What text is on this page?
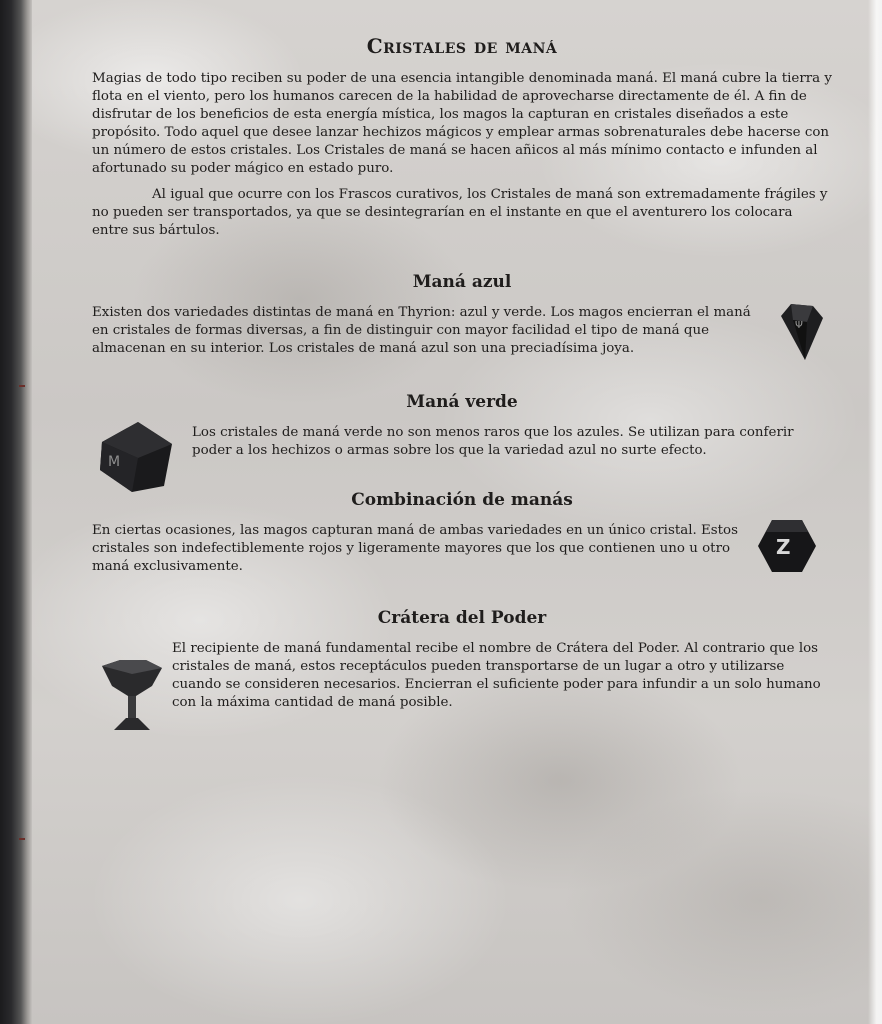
Cristales de maná

Magias de todo tipo reciben su poder de una esencia intangible denominada maná. El maná cubre la tierra y flota en el viento, pero los humanos carecen de la habilidad de aprovecharse directamente de él. A fin de disfrutar de los beneficios de esta energía mística, los magos la capturan en cristales diseñados a este propósito. Todo aquel que desee lanzar hechizos mágicos y emplear armas sobrenaturales debe hacerse con un número de estos cristales. Los Cristales de maná se hacen añicos al más mínimo contacto e infunden al afortunado su poder mágico en estado puro.

Al igual que ocurre con los Frascos curativos, los Cristales de maná son extremadamente frágiles y no pueden ser transportados, ya que se desintegrarían en el instante en que el aventurero los colocara entre sus bártulos.

Maná azul

Existen dos variedades distintas de maná en Thyrion: azul y verde. Los magos encierran el maná en cristales de formas diversas, a fin de distinguir con mayor facilidad el tipo de maná que almacenan en su interior. Los cristales de maná azul son una preciadísima joya.

Ψ
Maná verde

Los cristales de maná verde no son menos raros que los azules. Se utilizan para conferir poder a los hechizos o armas sobre los que la variedad azul no surte efecto.

M
Combinación de manás

En ciertas ocasiones, las magos capturan maná de ambas variedades en un único cristal. Estos cristales son indefectiblemente rojos y ligeramente mayores que los que contienen uno u otro maná exclusivamente.

Z
Crátera del Poder

El recipiente de maná fundamental recibe el nombre de Crátera del Poder. Al contrario que los cristales de maná, estos receptáculos pueden transportarse de un lugar a otro y utilizarse cuando se consideren necesarios. Encierran el suficiente poder para infundir a un solo humano con la máxima cantidad de maná posible.
